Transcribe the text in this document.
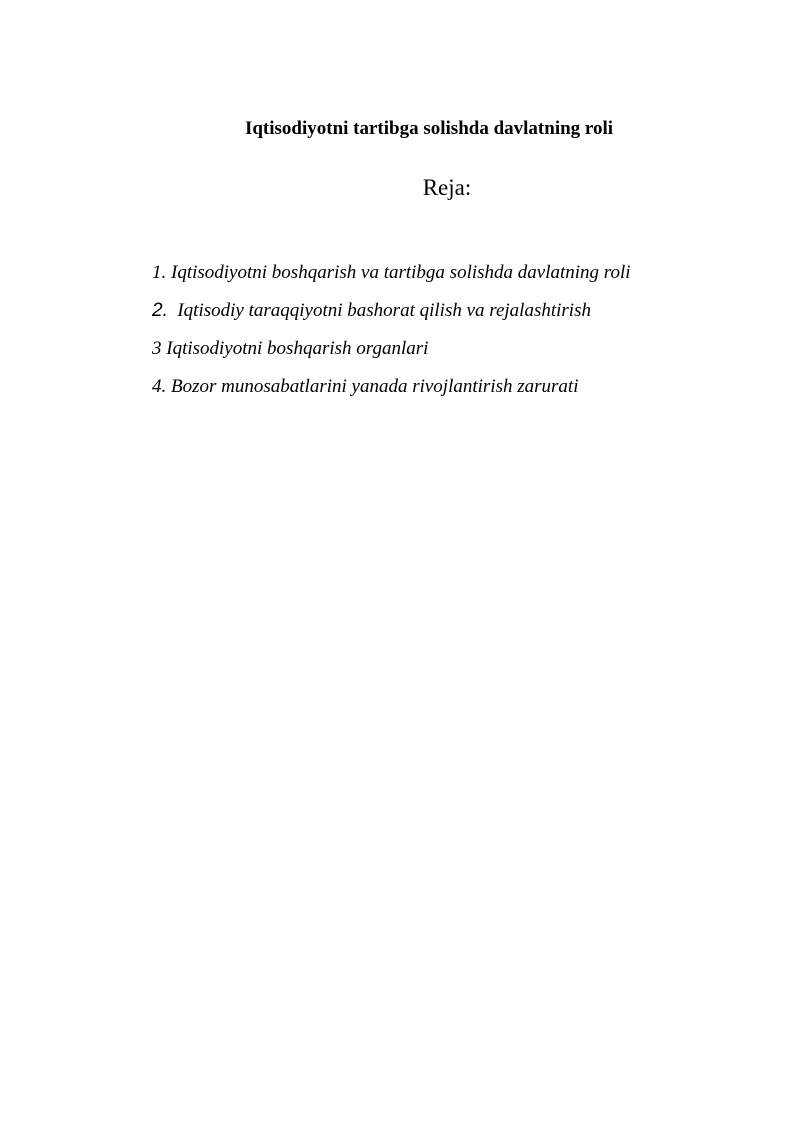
Iqtisodiyotni tartibga solishda davlatning roli
Reja:
1. Iqtisodiyotni boshqarish va tartibga solishda davlatning roli
2.  Iqtisodiy taraqqiyotni bashorat qilish va rejalashtirish
3 Iqtisodiyotni boshqarish organlari
4. Bozor munosabatlarini yanada rivojlantirish zarurati
